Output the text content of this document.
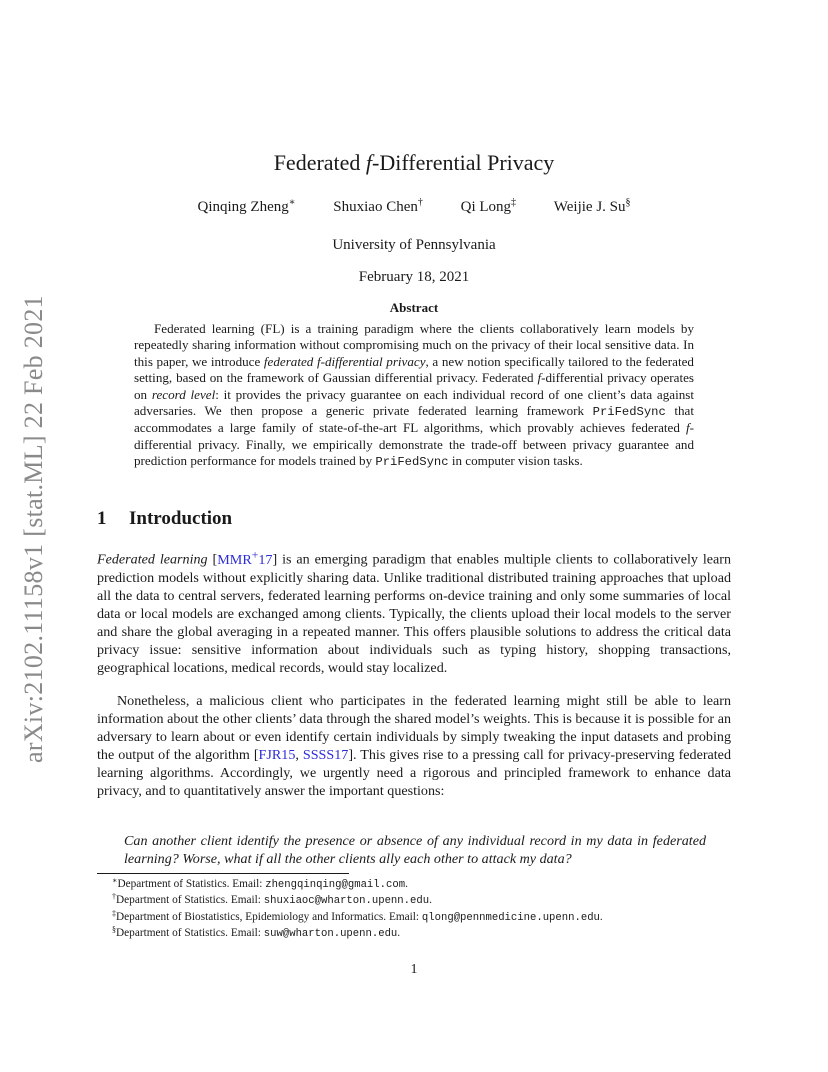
arXiv:2102.11158v1 [stat.ML] 22 Feb 2021
Federated f-Differential Privacy
Qinqing Zheng∗	Shuxiao Chen†	Qi Long‡	Weijie J. Su§
University of Pennsylvania
February 18, 2021
Abstract
Federated learning (FL) is a training paradigm where the clients collaboratively learn models by repeatedly sharing information without compromising much on the privacy of their local sensitive data. In this paper, we introduce federated f-differential privacy, a new notion specifically tailored to the federated setting, based on the framework of Gaussian differential privacy. Federated f-differential privacy operates on record level: it provides the privacy guarantee on each individual record of one client’s data against adversaries. We then propose a generic private federated learning framework PriFedSync that accommodates a large family of state-of-the-art FL algorithms, which provably achieves federated f-differential privacy. Finally, we empirically demonstrate the trade-off between privacy guarantee and prediction performance for models trained by PriFedSync in computer vision tasks.
1 Introduction
Federated learning [MMR+17] is an emerging paradigm that enables multiple clients to collaboratively learn prediction models without explicitly sharing data. Unlike traditional distributed training approaches that upload all the data to central servers, federated learning performs on-device training and only some summaries of local data or local models are exchanged among clients. Typically, the clients upload their local models to the server and share the global averaging in a repeated manner. This offers plausible solutions to address the critical data privacy issue: sensitive information about individuals such as typing history, shopping transactions, geographical locations, medical records, would stay localized.
Nonetheless, a malicious client who participates in the federated learning might still be able to learn information about the other clients’ data through the shared model’s weights. This is because it is possible for an adversary to learn about or even identify certain individuals by simply tweaking the input datasets and probing the output of the algorithm [FJR15, SSSS17]. This gives rise to a pressing call for privacy-preserving federated learning algorithms. Accordingly, we urgently need a rigorous and principled framework to enhance data privacy, and to quantitatively answer the important questions:
Can another client identify the presence or absence of any individual record in my data in federated learning? Worse, what if all the other clients ally each other to attack my data?
∗Department of Statistics. Email: zhengqinqing@gmail.com.
†Department of Statistics. Email: shuxiaoc@wharton.upenn.edu.
‡Department of Biostatistics, Epidemiology and Informatics. Email: qlong@pennmedicine.upenn.edu.
§Department of Statistics. Email: suw@wharton.upenn.edu.
1
